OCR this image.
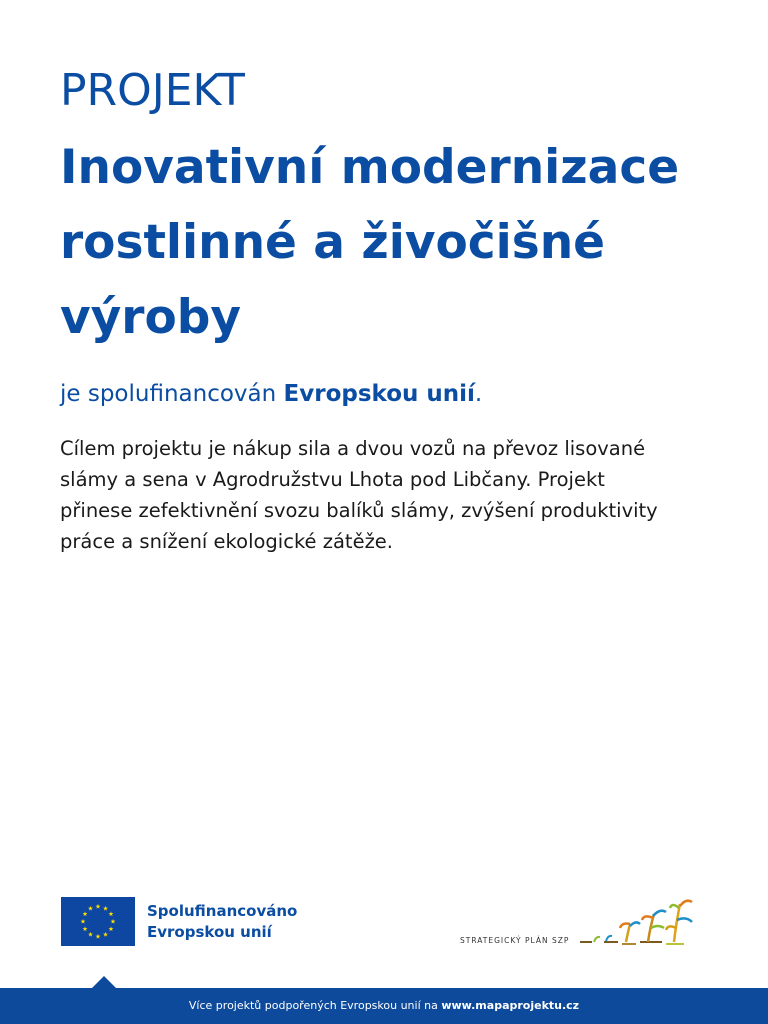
PROJEKT
Inovativní modernizace
rostlinné a živočišné
výroby
je spolufinancován Evropskou unií.
Cílem projektu je nákup sila a dvou vozů na převoz lisované
slámy a sena v Agrodružstvu Lhota pod Libčany. Projekt
přinese zefektivnění svozu balíků slámy, zvýšení produktivity
práce a snížení ekologické zátěže.
Spolufinancováno
Evropskou unií	STRATEGICKÝ PLÁN SZP
Více projektů podpořených Evropskou unií na www.mapaprojektu.cz
